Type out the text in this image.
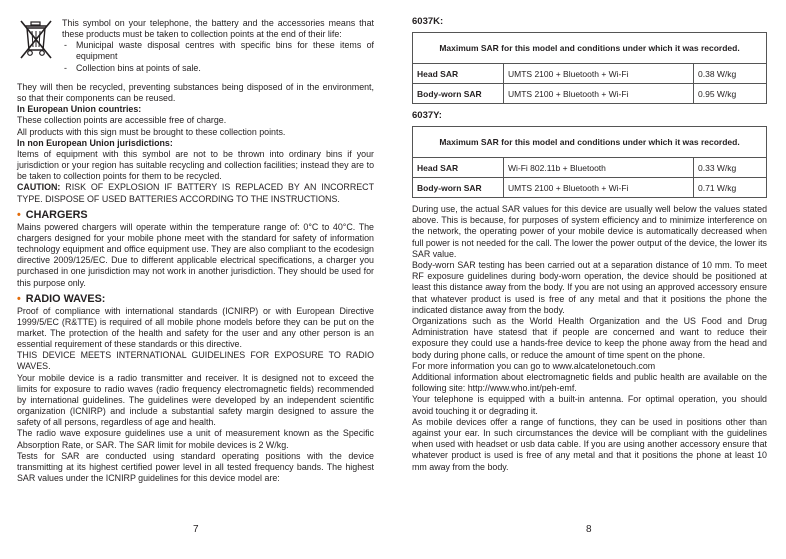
This symbol on your telephone, the battery and the accessories means that these products must be taken to collection points at the end of their life:

-	Municipal waste disposal centres with specific bins for these items of equipment
-	Collection bins at points of sale.

They will then be recycled, preventing substances being disposed of in the environment, so that their components can be reused.

In European Union countries:

These collection points are accessible free of charge.

All products with this sign must be brought to these collection points.

In non European Union jurisdictions:

Items of equipment with this symbol are not to be thrown into ordinary bins if your jurisdiction or your region has suitable recycling and collection facilities; instead they are to be taken to collection points for them to be recycled.

CAUTION: RISK OF EXPLOSION IF BATTERY IS REPLACED BY AN INCORRECT TYPE. DISPOSE OF USED BATTERIES ACCORDING TO THE INSTRUCTIONS.

• CHARGERS

Mains powered chargers will operate within the temperature range of: 0°C to 40°C. The chargers designed for your mobile phone meet with the standard for safety of information technology equipment and office equipment use. They are also compliant to the ecodesign directive 2009/125/EC. Due to different applicable electrical specifications, a charger you purchased in one jurisdiction may not work in another jurisdiction. They should be used for this purpose only.

• RADIO WAVES:

Proof of compliance with international standards (ICNIRP) or with European Directive 1999/5/EC (R&TTE) is required of all mobile phone models before they can be put on the market. The protection of the health and safety for the user and any other person is an essential requirement of these standards or this directive.

THIS DEVICE MEETS INTERNATIONAL GUIDELINES FOR EXPOSURE TO RADIO WAVES.

Your mobile device is a radio transmitter and receiver. It is designed not to exceed the limits for exposure to radio waves (radio frequency electromagnetic fields) recommended by international guidelines. The guidelines were developed by an independent scientific organization (ICNIRP) and include a substantial safety margin designed to assure the safety of all persons, regardless of age and health.

The radio wave exposure guidelines use a unit of measurement known as the Specific Absorption Rate, or SAR. The SAR limit for mobile devices is 2 W/kg.

Tests for SAR are conducted using standard operating positions with the device transmitting at its highest certified power level in all tested frequency bands. The highest SAR values under the ICNIRP guidelines for this device model are:

7
6037K:
Maximum SAR for this model and conditions under which it was recorded.		
Head SAR	UMTS 2100 + Bluetooth + Wi-Fi	0.38 W/kg
Body-worn SAR	UMTS 2100 + Bluetooth + Wi-Fi	0.95 W/kg
6037Y:
Maximum SAR for this model and conditions under which it was recorded.		
Head SAR	Wi-Fi 802.11b + Bluetooth	0.33 W/kg
Body-worn SAR	UMTS 2100 + Bluetooth + Wi-Fi	0.71 W/kg

During use, the actual SAR values for this device are usually well below the values stated above. This is because, for purposes of system efficiency and to minimize interference on the network, the operating power of your mobile device is automatically decreased when full power is not needed for the call. The lower the power output of the device, the lower its SAR value.

Body-worn SAR testing has been carried out at a separation distance of 10 mm. To meet RF exposure guidelines during body-worn operation, the device should be positioned at least this distance away from the body. If you are not using an approved accessory ensure that whatever product is used is free of any metal and that it positions the phone the indicated distance away from the body.

Organizations such as the World Health Organization and the US Food and Drug Administration have statesd that if people are concerned and want to reduce their exposure they could use a hands-free device to keep the phone away from the head and body during phone calls, or reduce the amount of time spent on the phone.

For more information you can go to www.alcatelonetouch.com

Additional information about electromagnetic fields and public health are available on the following site: http://www.who.int/peh-emf.

Your telephone is equipped with a built-in antenna. For optimal operation, you should avoid touching it or degrading it.

As mobile devices offer a range of functions, they can be used in positions other than against your ear. In such circumstances the device will be compliant with the guidelines when used with headset or usb data cable. If you are using another accessory ensure that whatever product is used is free of any metal and that it positions the phone at least 10 mm away from the body.

8
